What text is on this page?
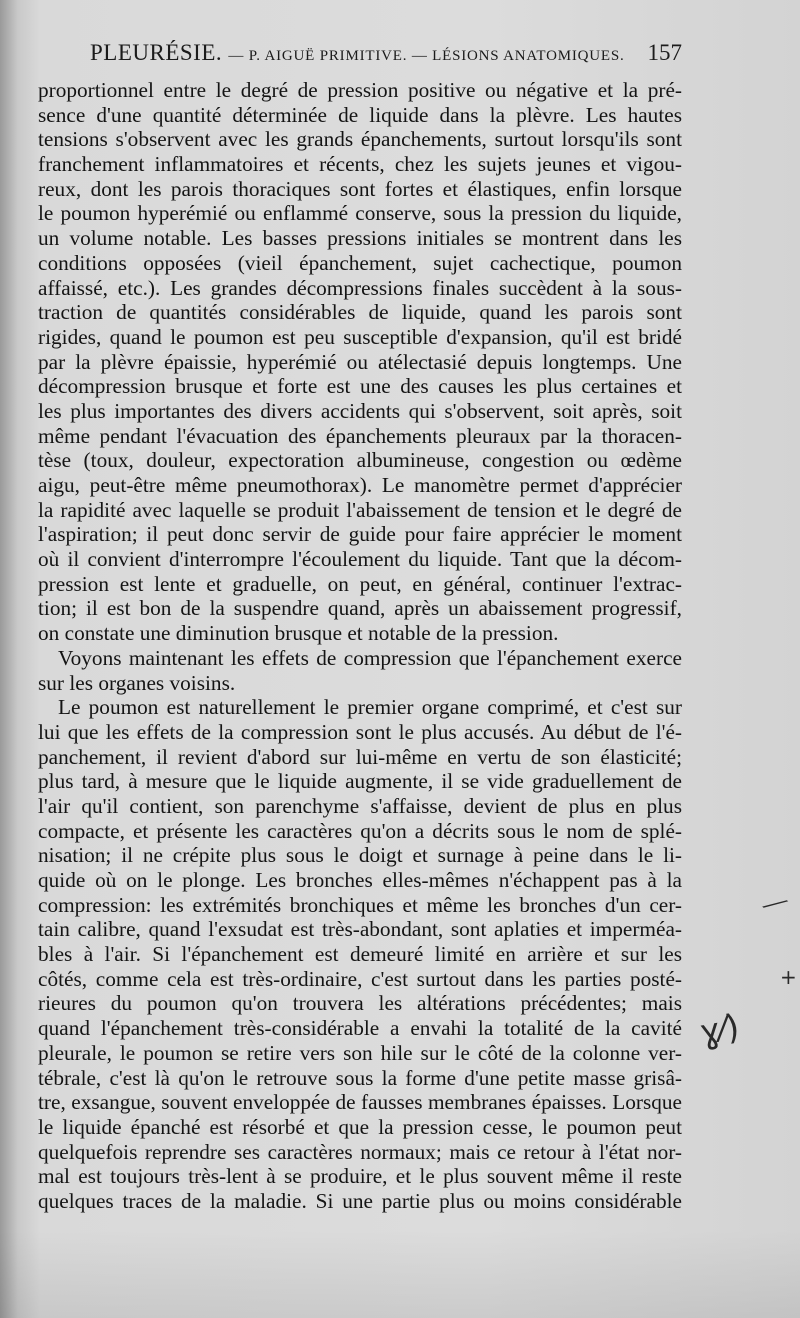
PLEURÉSIE. — P. AIGUË PRIMITIVE. — LÉSIONS ANATOMIQUES. 157
proportionnel entre le degré de pression positive ou négative et la pré-
sence d'une quantité déterminée de liquide dans la plèvre. Les hautes
tensions s'observent avec les grands épanchements, surtout lorsqu'ils sont
franchement inflammatoires et récents, chez les sujets jeunes et vigou-
reux, dont les parois thoraciques sont fortes et élastiques, enfin lorsque
le poumon hyperémié ou enflammé conserve, sous la pression du liquide,
un volume notable. Les basses pressions initiales se montrent dans les
conditions opposées (vieil épanchement, sujet cachectique, poumon
affaissé, etc.). Les grandes décompressions finales succèdent à la sous-
traction de quantités considérables de liquide, quand les parois sont
rigides, quand le poumon est peu susceptible d'expansion, qu'il est bridé
par la plèvre épaissie, hyperémié ou atélectasié depuis longtemps. Une
décompression brusque et forte est une des causes les plus certaines et
les plus importantes des divers accidents qui s'observent, soit après, soit
même pendant l'évacuation des épanchements pleuraux par la thoracen-
tèse (toux, douleur, expectoration albumineuse, congestion ou œdème
aigu, peut-être même pneumothorax). Le manomètre permet d'apprécier
la rapidité avec laquelle se produit l'abaissement de tension et le degré de
l'aspiration; il peut donc servir de guide pour faire apprécier le moment
où il convient d'interrompre l'écoulement du liquide. Tant que la décom-
pression est lente et graduelle, on peut, en général, continuer l'extrac-
tion; il est bon de la suspendre quand, après un abaissement progressif,
on constate une diminution brusque et notable de la pression.
Voyons maintenant les effets de compression que l'épanchement exerce
sur les organes voisins.
Le poumon est naturellement le premier organe comprimé, et c'est sur
lui que les effets de la compression sont le plus accusés. Au début de l'é-
panchement, il revient d'abord sur lui-même en vertu de son élasticité;
plus tard, à mesure que le liquide augmente, il se vide graduellement de
l'air qu'il contient, son parenchyme s'affaisse, devient de plus en plus
compacte, et présente les caractères qu'on a décrits sous le nom de splé-
nisation; il ne crépite plus sous le doigt et surnage à peine dans le li-
quide où on le plonge. Les bronches elles-mêmes n'échappent pas à la
compression: les extrémités bronchiques et même les bronches d'un cer-
tain calibre, quand l'exsudat est très-abondant, sont aplaties et imperméa-
bles à l'air. Si l'épanchement est demeuré limité en arrière et sur les
côtés, comme cela est très-ordinaire, c'est surtout dans les parties posté-
rieures du poumon qu'on trouvera les altérations précédentes; mais
quand l'épanchement très-considérable a envahi la totalité de la cavité
pleurale, le poumon se retire vers son hile sur le côté de la colonne ver-
tébrale, c'est là qu'on le retrouve sous la forme d'une petite masse grisâ-
tre, exsangue, souvent enveloppée de fausses membranes épaisses. Lorsque
le liquide épanché est résorbé et que la pression cesse, le poumon peut
quelquefois reprendre ses caractères normaux; mais ce retour à l'état nor-
mal est toujours très-lent à se produire, et le plus souvent même il reste
quelques traces de la maladie. Si une partie plus ou moins considérable
⟋
ɣ⁄)
+
